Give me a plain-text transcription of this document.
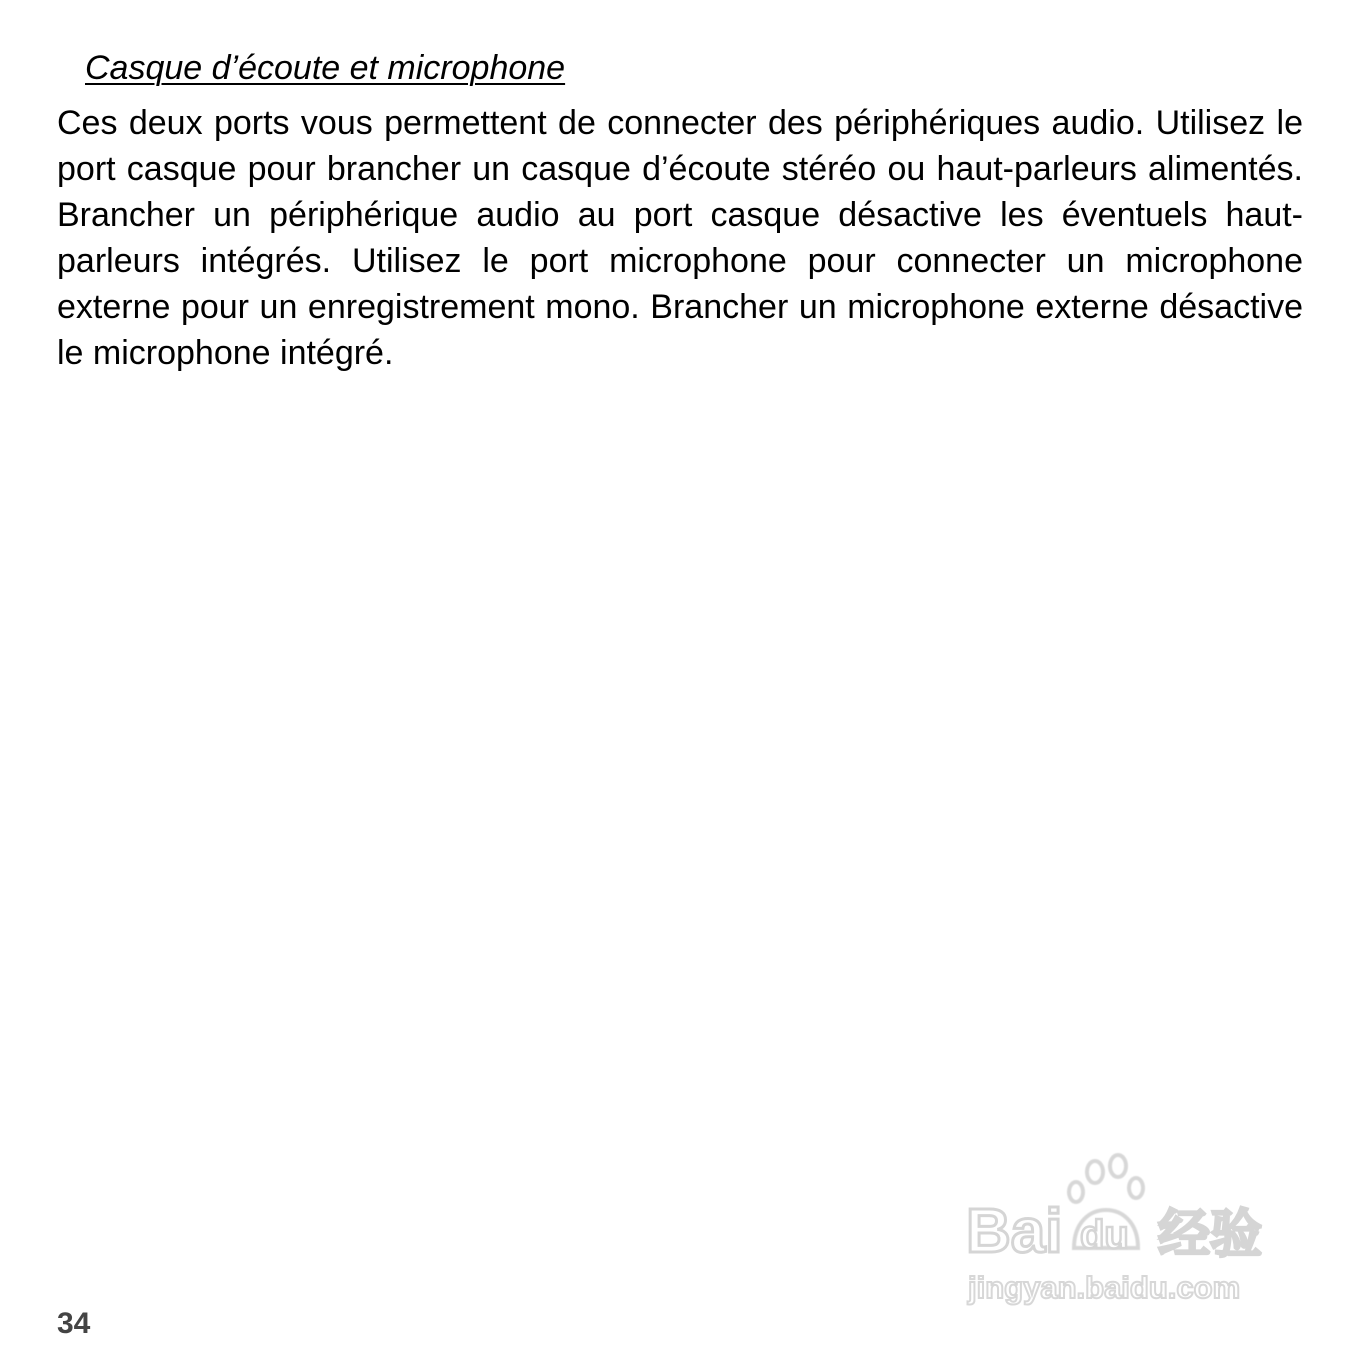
Casque d’écoute et microphone

Ces deux ports vous permettent de connecter des périphériques audio. Utilisez le port casque pour brancher un casque d’écoute stéréo ou haut-parleurs alimentés. Brancher un périphérique audio au port casque désactive les éventuels haut-parleurs intégrés. Utilisez le port microphone pour connecter un microphone externe pour un enregistrement mono. Brancher un microphone externe désactive le microphone intégré.

34
Bai du 经验
jingyan.baidu.com
